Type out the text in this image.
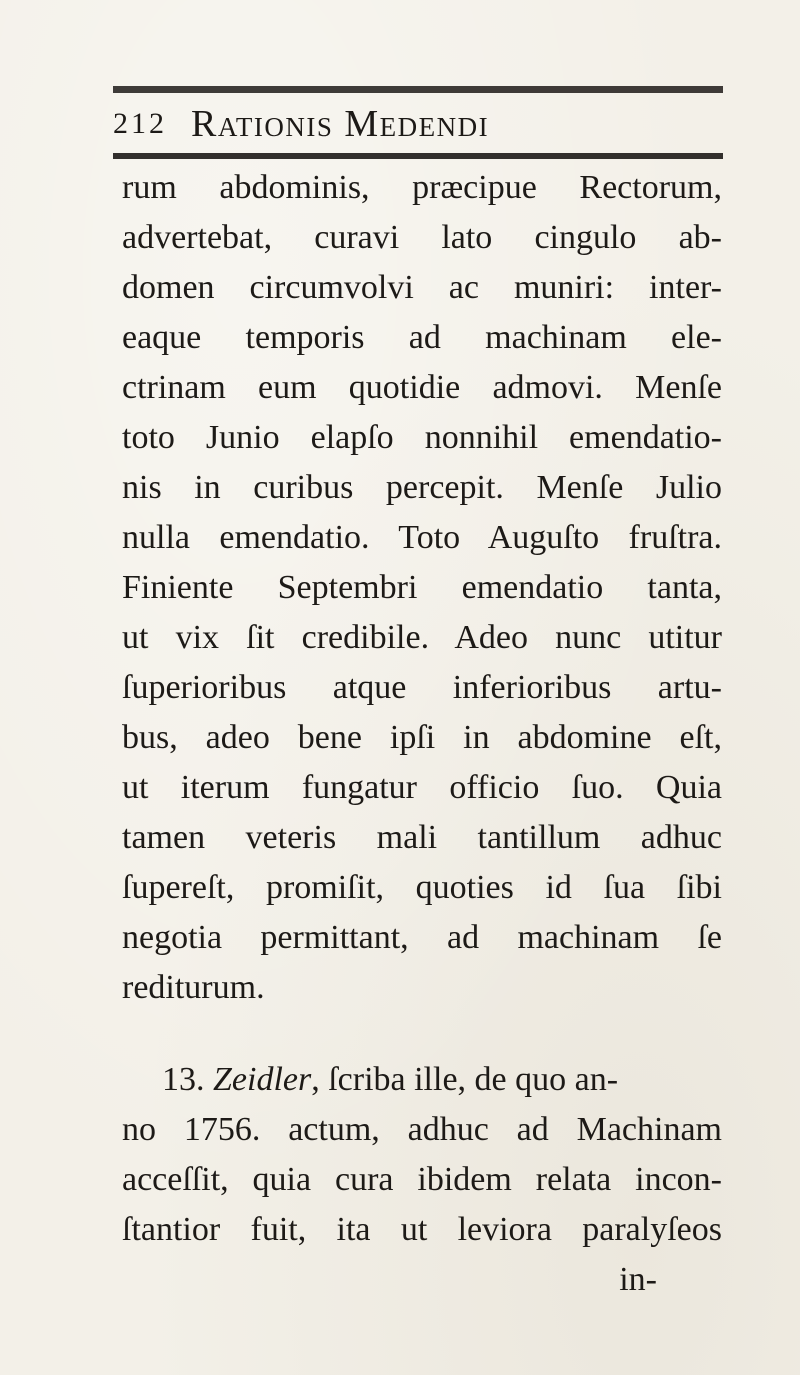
212 Rationis Medendi
rum abdominis, præcipue Rectorum,
advertebat, curavi lato cingulo ab-
domen circumvolvi ac muniri: inter-
eaque temporis ad machinam ele-
ctrinam eum quotidie admovi. Menſe
toto Junio elapſo nonnihil emendatio-
nis in curibus percepit. Menſe Julio
nulla emendatio. Toto Auguſto fruſtra.
Finiente Septembri emendatio tanta,
ut vix ſit credibile. Adeo nunc utitur
ſuperioribus atque inferioribus artu-
bus, adeo bene ipſi in abdomine eſt,
ut iterum fungatur officio ſuo. Quia
tamen veteris mali tantillum adhuc
ſupereſt, promiſit, quoties id ſua ſibi
negotia permittant, ad machinam ſe
rediturum.
13. Zeidler, ſcriba ille, de quo an-
no 1756. actum, adhuc ad Machinam
acceſſit, quia cura ibidem relata incon-
ſtantior fuit, ita ut leviora paralyſeos
in-
